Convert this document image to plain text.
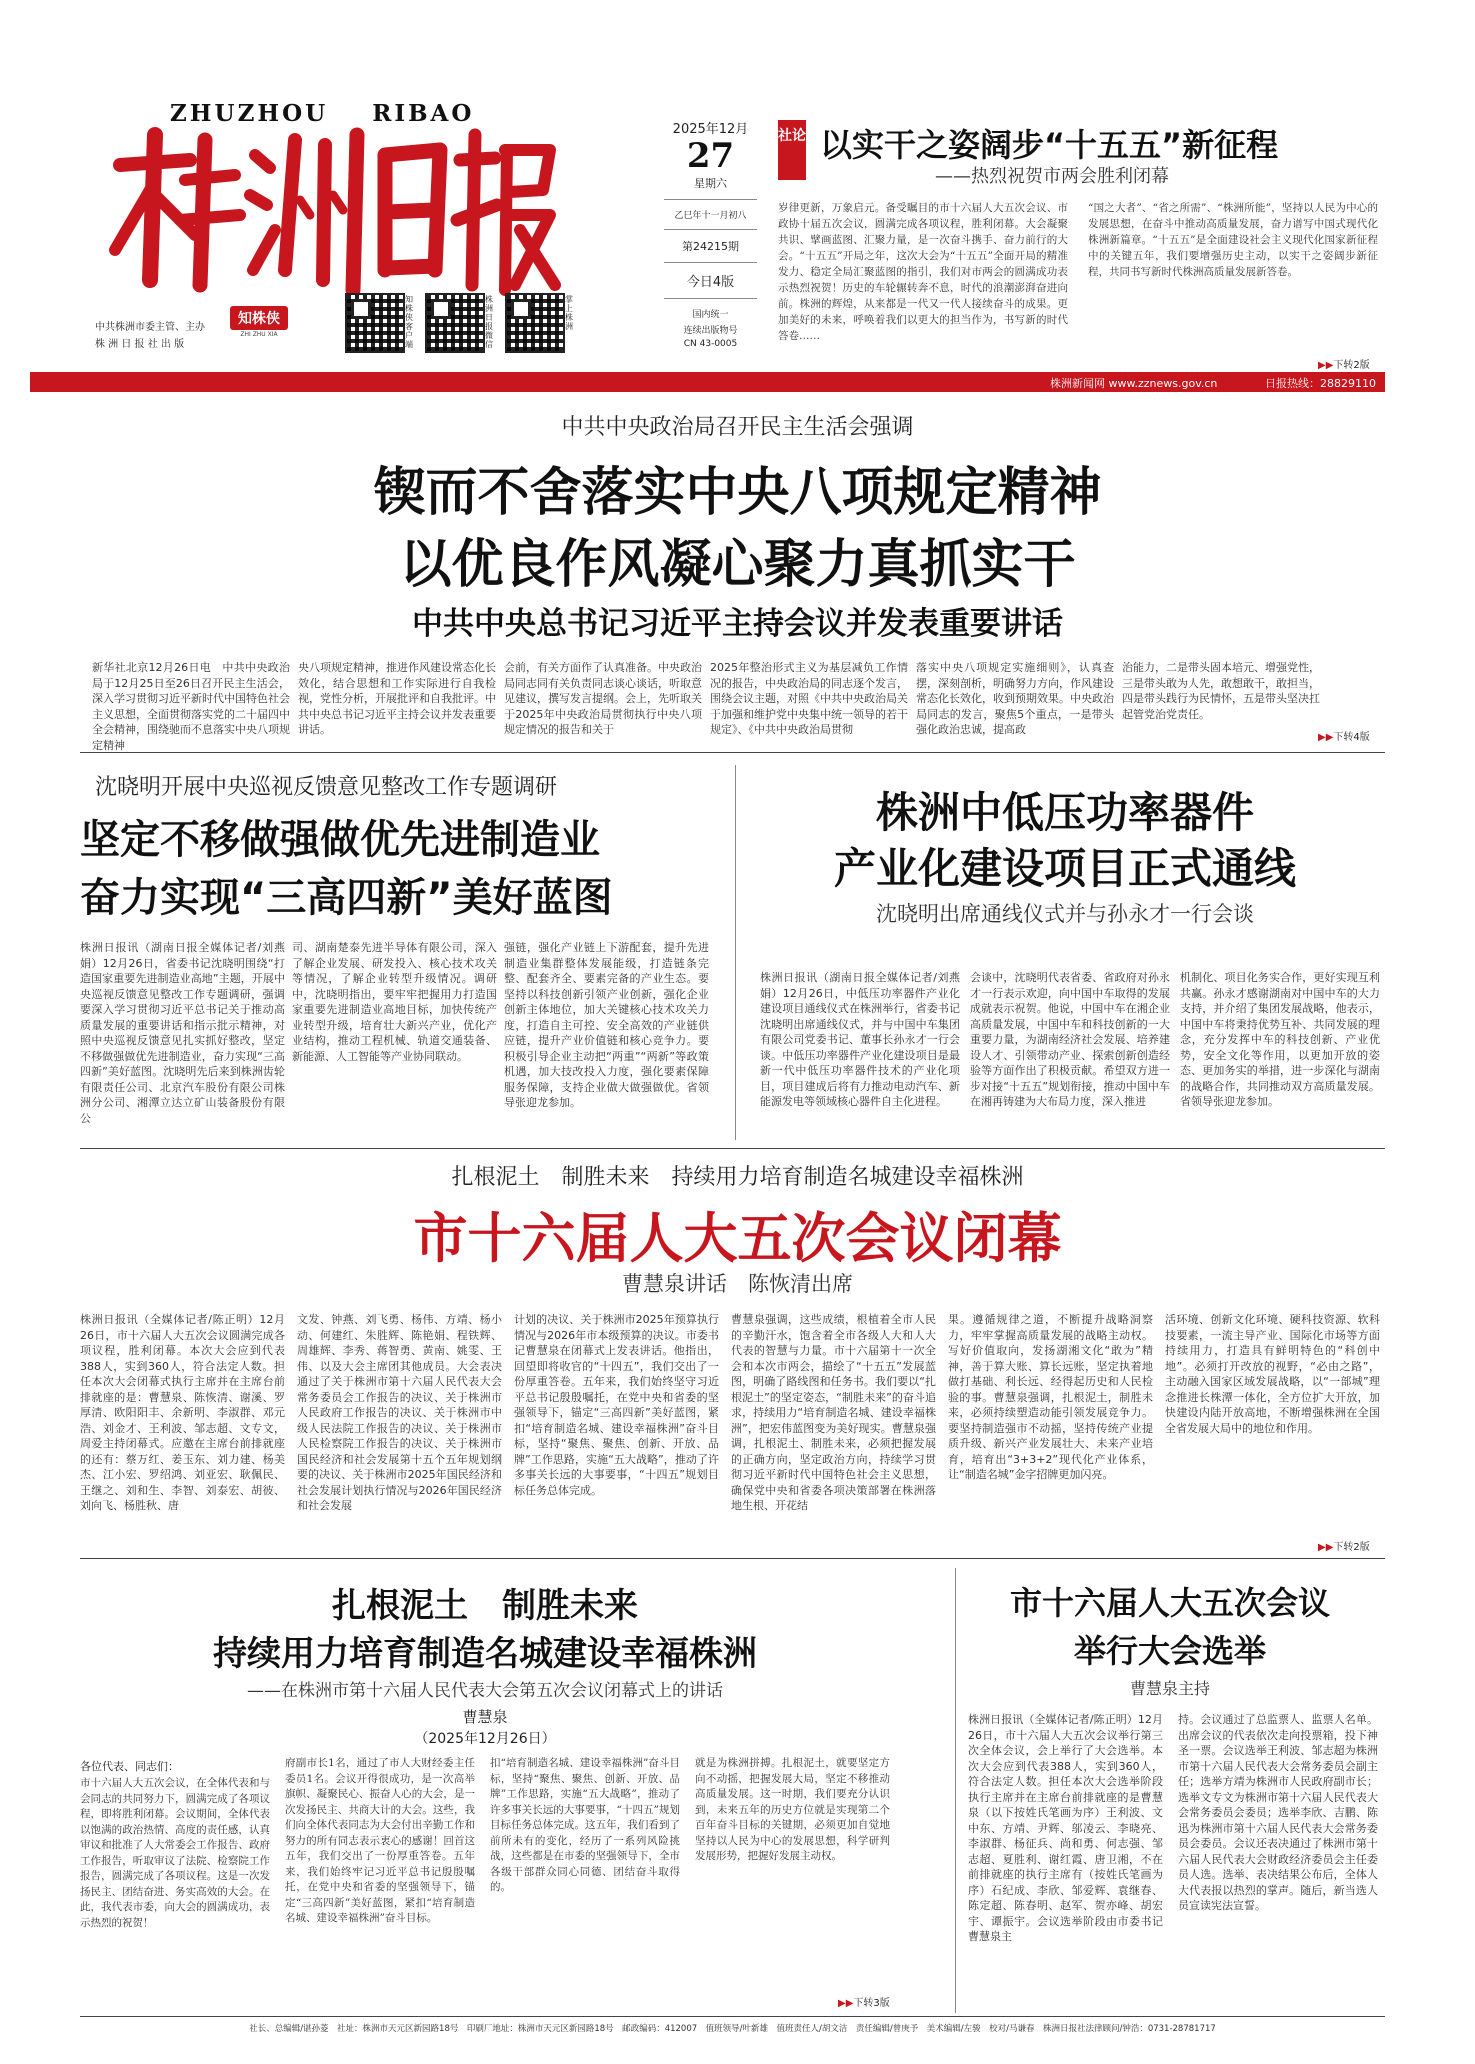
ZHUZHOU    RIBAO
中共株洲市委主管、主办
株 洲 日 报 社 出 版
知株侠
ZHI ZHU XIA
知株侠客户端
株洲日报微信
掌上株洲
2025年12月
27
星期六
乙巳年十一月初八
第24215期
今日4版
国内统一
连续出版物号
CN 43-0005
社论 以实干之姿阔步“十五五”新征程
——热烈祝贺市两会胜利闭幕
岁律更新，万象启元。备受瞩目的市十六届人大五次会议、市政协十届五次会议，圆满完成各项议程，胜利闭幕。大会凝聚共识、擘画蓝图、汇聚力量，是一次奋斗携手、奋力前行的大会。“十五五”开局之年，这次大会为“十五五”全面开局的精准发力、稳定全局汇聚蓝图的指引，我们对市两会的圆满成功表示热烈祝贺！历史的车轮辗转奔不息，时代的浪潮澎湃奋进向前。株洲的辉煌，从来都是一代又一代人接续奋斗的成果。更加美好的未来，呼唤着我们以更大的担当作为，书写新的时代答卷……
“国之大者”、“省之所需”、“株洲所能”，坚持以人民为中心的发展思想，在奋斗中推动高质量发展，奋力谱写中国式现代化株洲新篇章。“十五五”是全面建设社会主义现代化国家新征程中的关键五年，我们要增强历史主动，以实干之姿阔步新征程，共同书写新时代株洲高质量发展新答卷。
▶▶下转2版
株洲新闻网 www.zznews.gov.cn	日报热线：28829110
中共中央政治局召开民主生活会强调
锲而不舍落实中央八项规定精神
以优良作风凝心聚力真抓实干
中共中央总书记习近平主持会议并发表重要讲话
新华社北京12月26日电　中共中央政治局于12月25日至26日召开民主生活会，深入学习贯彻习近平新时代中国特色社会主义思想，全面贯彻落实党的二十届四中全会精神，围绕驰而不息落实中央八项规定精神
央八项规定精神，推进作风建设常态化长效化，结合思想和工作实际进行自我检视，党性分析，开展批评和自我批评。中共中央总书记习近平主持会议并发表重要讲话。
会前，有关方面作了认真准备。中央政治局同志同有关负责同志谈心谈话，听取意见建议，撰写发言提纲。会上，先听取关于2025年中央政治局贯彻执行中央八项规定情况的报告和关于
2025年整治形式主义为基层减负工作情况的报告，中央政治局的同志逐个发言，围绕会议主题，对照《中共中央政治局关于加强和维护党中央集中统一领导的若干规定》、《中共中央政治局贯彻
落实中央八项规定实施细则》，认真查摆，深刻剖析，明确努力方向，作风建设常态化长效化，收到预期效果。中央政治局同志的发言，聚焦5个重点，一是带头强化政治忠诚，提高政
治能力，二是带头固本培元、增强党性，三是带头敢为人先，敢想敢干，敢担当，四是带头践行为民情怀，五是带头坚决扛起管党治党责任。
▶▶下转4版
沈晓明开展中央巡视反馈意见整改工作专题调研
坚定不移做强做优先进制造业
奋力实现“三高四新”美好蓝图
株洲日报讯（湖南日报全媒体记者/刘燕娟）12月26日，省委书记沈晓明围绕“打造国家重要先进制造业高地”主题，开展中央巡视反馈意见整改工作专题调研，强调要深入学习贯彻习近平总书记关于推动高质量发展的重要讲话和指示批示精神，对照中央巡视反馈意见扎实抓好整改，坚定不移做强做优先进制造业，奋力实现“三高四新”美好蓝图。沈晓明先后来到株洲齿轮有限责任公司、北京汽车股份有限公司株洲分公司、湘潭立达立矿山装备股份有限公
司、湖南楚泰先进半导体有限公司，深入了解企业发展、研发投入、核心技术攻关等情况，了解企业转型升级情况。调研中，沈晓明指出，要牢牢把握用力打造国家重要先进制造业高地目标，加快传统产业转型升级，培育壮大新兴产业，优化产业结构，推动工程机械、轨道交通装备、新能源、人工智能等产业协同联动。
强链，强化产业链上下游配套，提升先进制造业集群整体发展能级，打造链条完整、配套齐全、要素完备的产业生态。要坚持以科技创新引领产业创新，强化企业创新主体地位，加大关键核心技术攻关力度，打造自主可控、安全高效的产业链供应链，提升产业价值链和核心竞争力。要积极引导企业主动把“两重”“两新”等政策机遇，加大技改投入力度，强化要素保障服务保障，支持企业做大做强做优。省领导张迎龙参加。
株洲中低压功率器件
产业化建设项目正式通线
沈晓明出席通线仪式并与孙永才一行会谈
株洲日报讯（湖南日报全媒体记者/刘燕娟）12月26日，中低压功率器件产业化建设项目通线仪式在株洲举行，省委书记沈晓明出席通线仪式，并与中国中车集团有限公司党委书记、董事长孙永才一行会谈。中低压功率器件产业化建设项目是最新一代中低压功率器件技术的产业化项目，项目建成后将有力推动电动汽车、新能源发电等领域核心器件自主化进程。
会谈中，沈晓明代表省委、省政府对孙永才一行表示欢迎，向中国中车取得的发展成就表示祝贺。他说，中国中车在湘企业高质量发展，中国中车和科技创新的一大重要力量，为湖南经济社会发展、培养建设人才、引领带动产业、探索创新创造经验等方面作出了积极贡献。希望双方进一步对接“十五五”规划衔接，推动中国中车在湘再铸建为大布局力度，深入推进
机制化、项目化务实合作，更好实现互利共赢。孙永才感谢湖南对中国中车的大力支持，并介绍了集团发展战略，他表示，中国中车将秉持优势互补、共同发展的理念，充分发挥中车的科技创新、产业优势，安全文化等作用，以更加开放的姿态、更加务实的举措，进一步深化与湖南的战略合作，共同推动双方高质量发展。省领导张迎龙参加。
扎根泥土　制胜未来　持续用力培育制造名城建设幸福株洲
市十六届人大五次会议闭幕
曹慧泉讲话　陈恢清出席
株洲日报讯（全媒体记者/陈正明）12月26日，市十六届人大五次会议圆满完成各项议程，胜利闭幕。本次大会应到代表388人，实到360人，符合法定人数。担任本次大会闭幕式执行主席并在主席台前排就座的是：曹慧泉、陈恢清、谢溪、罗厚清、欧阳阳丰、余新明、李淑群、邓元浩、刘金才、王利波、邹志超、文专文，周爱主持闭幕式。应邀在主席台前排就座的还有：蔡万红、姜玉东、刘力建、杨美杰、江小宏、罗绍鸿、刘亚宏、耿佩民、王继之、刘和生、李智、刘泰宏、胡彼、刘向飞、杨胜秋、唐
文发、钟燕、刘飞勇、杨伟、方靖、杨小动、何建红、朱胜辉、陈艳娟、程铁辉、周雄辉、李秀、蒋智勇、黄南、姚雯、王伟、以及大会主席团其他成员。大会表决通过了关于株洲市第十六届人民代表大会常务委员会工作报告的决议、关于株洲市人民政府工作报告的决议、关于株洲市中级人民法院工作报告的决议、关于株洲市人民检察院工作报告的决议、关于株洲市国民经济和社会发展第十五个五年规划纲要的决议、关于株洲市2025年国民经济和社会发展计划执行情况与2026年国民经济和社会发展
计划的决议、关于株洲市2025年预算执行情况与2026年市本级预算的决议。市委书记曹慧泉在闭幕式上发表讲话。他指出，回望即将收官的“十四五”，我们交出了一份厚重答卷。五年来，我们始终坚守习近平总书记殷殷嘱托，在党中央和省委的坚强领导下，锚定“三高四新”美好蓝图，紧扣“培育制造名城、建设幸福株洲”奋斗目标，坚持“聚焦、聚焦、创新、开放、品牌”工作思路，实施“五大战略”，推动了许多事关长远的大事要事，“十四五”规划目标任务总体完成。
曹慧泉强调，这些成绩，根植着全市人民的辛勤汗水，饱含着全市各级人大和人大代表的智慧与力量。市十六届第十一次全会和本次市两会，描绘了“十五五”发展蓝图，明确了路线图和任务书。我们要以“扎根泥土”的坚定姿态，“制胜未来”的奋斗追求，持续用力“培育制造名城、建设幸福株洲”，把宏伟蓝图变为美好现实。曹慧泉强调，扎根泥土、制胜未来，必须把握发展的正确方向，坚定政治方向，持续学习贯彻习近平新时代中国特色社会主义思想，确保党中央和省委各项决策部署在株洲落地生根、开花结
果。遵循规律之道，不断提升战略洞察力，牢牢掌握高质量发展的战略主动权。写好价值取向，发扬湖湘文化“敢为”精神，善于算大账、算长远账，坚定执着地做打基础、利长远、经得起历史和人民检验的事。曹慧泉强调，扎根泥土，制胜未来，必须持续塑造动能引领发展竞争力。要坚持制造强市不动摇，坚持传统产业提质升级、新兴产业发展壮大、未来产业培育，培育出“3+3+2”现代化产业体系，让“制造名城”金字招牌更加闪亮。
活环境、创新文化环境、硬科技资源、软科技要素，一流主导产业、国际化市场等方面持续用力，打造具有鲜明特色的“科创中地”。必须打开改放的视野，“必由之路”，主动融入国家区域发展战略，以“一部城”理念推进长株潭一体化，全方位扩大开放，加快建设内陆开放高地，不断增强株洲在全国全省发展大局中的地位和作用。
▶▶下转2版
扎根泥土　制胜未来
持续用力培育制造名城建设幸福株洲
——在株洲市第十六届人民代表大会第五次会议闭幕式上的讲话
曹慧泉
（2025年12月26日）
各位代表、同志们：
市十六届人大五次会议，在全体代表和与会同志的共同努力下，圆满完成了各项议程，即将胜利闭幕。会议期间，全体代表以饱满的政治热情、高度的责任感，认真审议和批准了人大常委会工作报告、政府工作报告，听取审议了法院、检察院工作报告，圆满完成了各项议程。这是一次发扬民主、团结奋进、务实高效的大会。在此，我代表市委，向大会的圆满成功，表示热烈的祝贺！
府副市长1名，通过了市人大财经委主任委员1名。会议开得很成功，是一次高举旗帜、凝聚民心、振奋人心的大会，是一次发扬民主、共商大计的大会。这些，我们向全体代表同志为大会付出辛勤工作和努力的所有同志表示衷心的感谢！回首这五年，我们交出了一份厚重答卷。五年来，我们始终牢记习近平总书记殷殷嘱托，在党中央和省委的坚强领导下，锚定“三高四新”美好蓝图，紧扣“培育制造名城、建设幸福株洲”奋斗目标。
扣“培育制造名城、建设幸福株洲”奋斗目标，坚持“聚焦、聚焦、创新、开放、品牌”工作思路，实施“五大战略”，推动了许多事关长远的大事要事，“十四五”规划目标任务总体完成。这五年，我们看到了前所未有的变化，经历了一系列风险挑战，这些都是在市委的坚强领导下，全市各级干部群众同心同德、团结奋斗取得的。
就是为株洲拼搏。扎根泥土，就要坚定方向不动摇，把握发展大局，坚定不移推动高质量发展。这一时期，我们要充分认识到，未来五年的历史方位就是实现第二个百年奋斗目标的关键期，必须更加自觉地坚持以人民为中心的发展思想，科学研判发展形势，把握好发展主动权。
▶▶下转3版
市十六届人大五次会议
举行大会选举
曹慧泉主持
株洲日报讯（全媒体记者/陈正明）12月26日，市十六届人大五次会议举行第三次全体会议，会上举行了大会选举。本次大会应到代表388人，实到360人，符合法定人数。担任本次大会选举阶段执行主席并在主席台前排就座的是曹慧泉（以下按姓氏笔画为序）王利波、文中东、方靖、尹辉、邬凌云、李晓亮、李淑群、杨征兵、尚和勇、何志强、邹志超、夏胜利、谢红霞、唐卫湘，不在前排就座的执行主席有（按姓氏笔画为序）石纪成、李欣、邹爱辉、袁继春、陈定超、陈春明、赵军、贺亦峰、胡宏宇、谭振宇。会议选举阶段由市委书记曹慧泉主
持。会议通过了总监票人、监票人名单。出席会议的代表依次走向投票箱，投下神圣一票。会议选举王利波、邹志超为株洲市第十六届人民代表大会常务委员会副主任；选举方靖为株洲市人民政府副市长；选举文专文为株洲市第十六届人民代表大会常务委员会委员；选举李欣、吉鹏、陈迅为株洲市第十六届人民代表大会常务委员会委员。会议还表决通过了株洲市第十六届人民代表大会财政经济委员会主任委员人选。选举、表决结果公布后，全体人大代表报以热烈的掌声。随后，新当选人员宣读宪法宣誓。
社长、总编辑/谌孙菱　社址：株洲市天元区新园路18号　印刷厂地址：株洲市天元区新园路18号　邮政编码：412007　值班领导/叶新雄　值班责任人/胡文洁　责任编辑/曾庚予　美术编辑/左骏　校对/马谦春　株洲日报社法律顾问/钟浩：0731-28781717
